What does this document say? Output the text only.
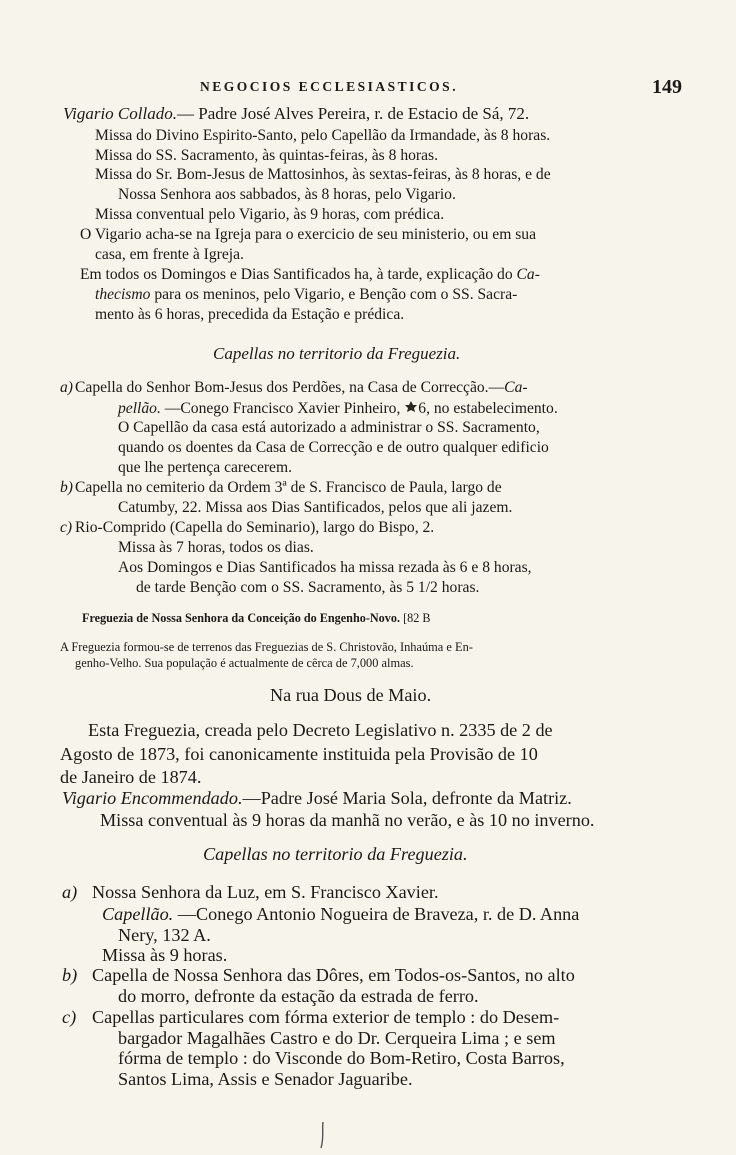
NEGOCIOS ECCLESIASTICOS.	149
Vigario Collado.— Padre José Alves Pereira, r. de Estacio de Sá, 72.
Missa do Divino Espirito-Santo, pelo Capellão da Irmandade, às 8 horas.
Missa do SS. Sacramento, às quintas-feiras, às 8 horas.
Missa do Sr. Bom-Jesus de Mattosinhos, às sextas-feiras, às 8 horas, e de
Nossa Senhora aos sabbados, às 8 horas, pelo Vigario.
Missa conventual pelo Vigario, às 9 horas, com prédica.
O Vigario acha-se na Igreja para o exercicio de seu ministerio, ou em sua
casa, em frente à Igreja.
Em todos os Domingos e Dias Santificados ha, à tarde, explicação do Ca-
thecismo para os meninos, pelo Vigario, e Benção com o SS. Sacra-
mento às 6 horas, precedida da Estação e prédica.
Capellas no territorio da Freguezia.
a) Capella do Senhor Bom-Jesus dos Perdões, na Casa de Correcção.—Ca-
pellão. —Conego Francisco Xavier Pinheiro, 6, no estabelecimento.
O Capellão da casa está autorizado a administrar o SS. Sacramento,
quando os doentes da Casa de Correcção e de outro qualquer edificio
que lhe pertença carecerem.
b) Capella no cemiterio da Ordem 3ª de S. Francisco de Paula, largo de
Catumby, 22. Missa aos Dias Santificados, pelos que ali jazem.
c) Rio-Comprido (Capella do Seminario), largo do Bispo, 2.
Missa às 7 horas, todos os dias.
Aos Domingos e Dias Santificados ha missa rezada às 6 e 8 horas,
de tarde Benção com o SS. Sacramento, às 5 1/2 horas.
Freguezia de Nossa Senhora da Conceição do Engenho-Novo. [82 B
A Freguezia formou-se de terrenos das Freguezias de S. Christovão, Inhaúma e En-
genho-Velho. Sua população é actualmente de cêrca de 7,000 almas.
Na rua Dous de Maio.
Esta Freguezia, creada pelo Decreto Legislativo n. 2335 de 2 de
Agosto de 1873, foi canonicamente instituida pela Provisão de 10
de Janeiro de 1874.
Vigario Encommendado.—Padre José Maria Sola, defronte da Matriz.
Missa conventual às 9 horas da manhã no verão, e às 10 no inverno.
Capellas no territorio da Freguezia.
a) Nossa Senhora da Luz, em S. Francisco Xavier.
Capellão. —Conego Antonio Nogueira de Braveza, r. de D. Anna
Nery, 132 A.
Missa às 9 horas.
b) Capella de Nossa Senhora das Dôres, em Todos-os-Santos, no alto
do morro, defronte da estação da estrada de ferro.
c) Capellas particulares com fórma exterior de templo : do Desem-
bargador Magalhães Castro e do Dr. Cerqueira Lima ; e sem
fórma de templo : do Visconde do Bom-Retiro, Costa Barros,
Santos Lima, Assis e Senador Jaguaribe.
